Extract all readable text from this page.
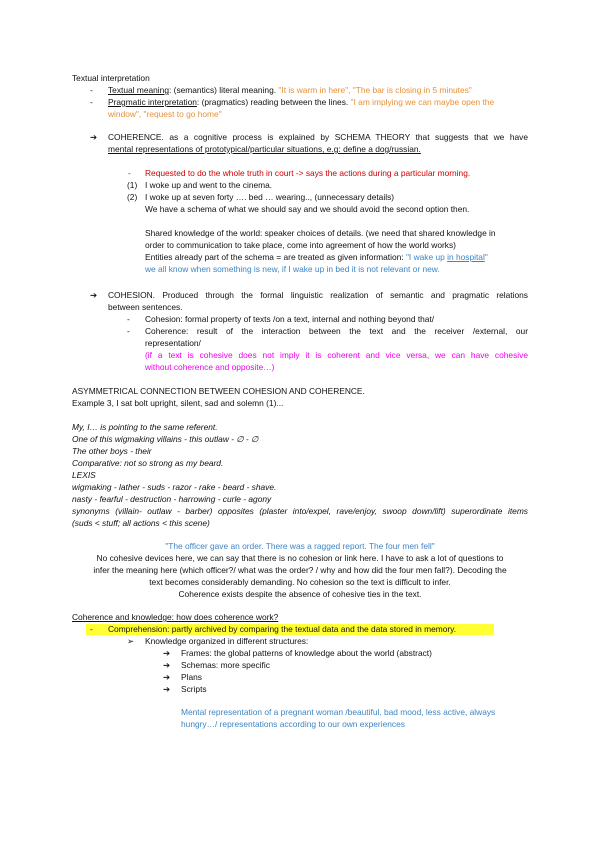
Textual interpretation
- Textual meaning: (semantics) literal meaning. "It is warm in here", "The bar is closing in 5 minutes"
- Pragmatic interpretation: (pragmatics) reading between the lines. "I am implying we can maybe open the
window", "request to go home"
➔ COHERENCE. as a cognitive process is explained by SCHEMA THEORY that suggests that we have
mental representations of prototypical/particular situations, e.g: define a dog/russian.
- Requested to do the whole truth in court -> says the actions during a particular morning.
(1) I woke up and went to the cinema.
(2) I woke up at seven forty …. bed … wearing.., (unnecessary details)
We have a schema of what we should say and we should avoid the second option then.
Shared knowledge of the world: speaker choices of details. (we need that shared knowledge in
order to communication to take place, come into agreement of how the world works)
Entities already part of the schema = are treated as given information: "I wake up in hospital"
we all know when something is new, if I wake up in bed it is not relevant or new.
➔ COHESION. Produced through the formal linguistic realization of semantic and pragmatic relations
between sentences.
- Cohesion: formal property of texts /on a text, internal and nothing beyond that/
- Coherence: result of the interaction between the text and the receiver /external, our
representation/
(if a text is cohesive does not imply it is coherent and vice versa, we can have cohesive
without coherence and opposite…)
ASYMMETRICAL CONNECTION BETWEEN COHESION AND COHERENCE.
Example 3, I sat bolt upright, silent, sad and solemn (1)...
My, I… is pointing to the same referent.
One of this wigmaking villains - this outlaw - ∅ - ∅
The other boys - their
Comparative: not so strong as my beard.
LEXIS
wigmaking - lather - suds - razor - rake - beard - shave.
nasty - fearful - destruction - harrowing - curle - agony
synonyms (villain- outlaw - barber) opposites (plaster into/expel, rave/enjoy, swoop down/lift) superordinate items
(suds < stuff; all actions < this scene)
"The officer gave an order. There was a ragged report. The four men fell"
No cohesive devices here, we can say that there is no cohesion or link here. I have to ask a lot of questions to
infer the meaning here (which officer?/ what was the order? / why and how did the four men fall?). Decoding the
text becomes considerably demanding. No cohesion so the text is difficult to infer.
Coherence exists despite the absence of cohesive ties in the text.
Coherence and knowledge: how does coherence work?
- Comprehension: partly archived by comparing the textual data and the data stored in memory.
➢ Knowledge organized in different structures:
➔ Frames: the global patterns of knowledge about the world (abstract)
➔ Schemas: more specific
➔ Plans
➔ Scripts
Mental representation of a pregnant woman /beautiful, bad mood, less active, always
hungry…/ representations according to our own experiences
